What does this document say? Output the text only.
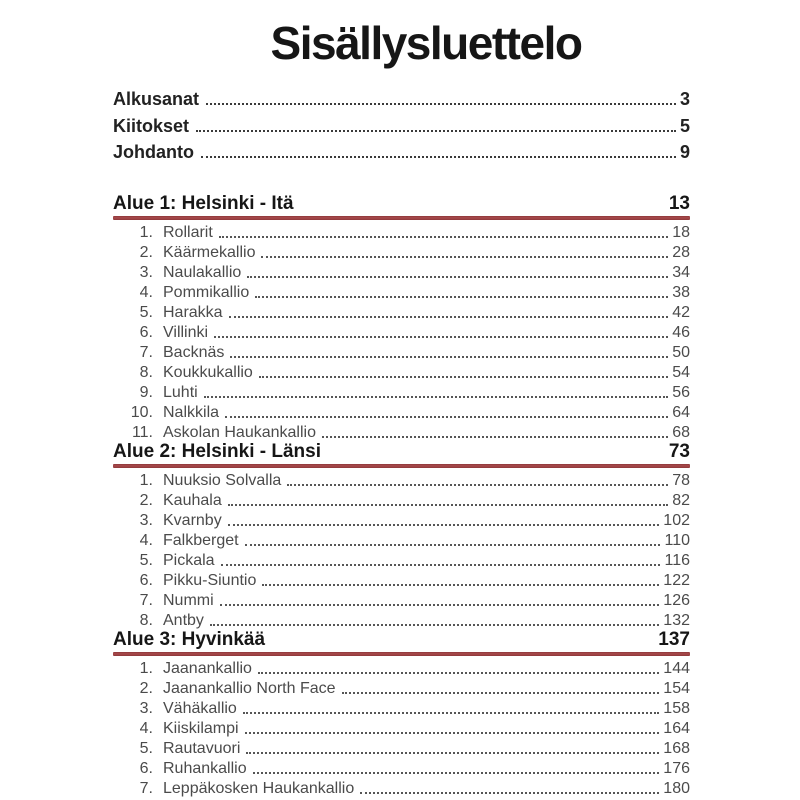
Sisällysluettelo
Alkusanat	3
Kiitokset	5
Johdanto	9
Alue 1: Helsinki - Itä	13
1. Rollarit	18
2. Käärmekallio	28
3. Naulakallio	34
4. Pommikallio	38
5. Harakka	42
6. Villinki	46
7. Backnäs	50
8. Koukkukallio	54
9. Luhti	56
10. Nalkkila	64
11. Askolan Haukankallio	68
Alue 2: Helsinki - Länsi	73
1. Nuuksio Solvalla	78
2. Kauhala	82
3. Kvarnby	102
4. Falkberget	110
5. Pickala	116
6. Pikku-Siuntio	122
7. Nummi	126
8. Antby	132
Alue 3: Hyvinkää	137
1. Jaanankallio	144
2. Jaanankallio North Face	154
3. Vähäkallio	158
4. Kiiskilampi	164
5. Rautavuori	168
6. Ruhankallio	176
7. Leppäkosken Haukankallio	180
